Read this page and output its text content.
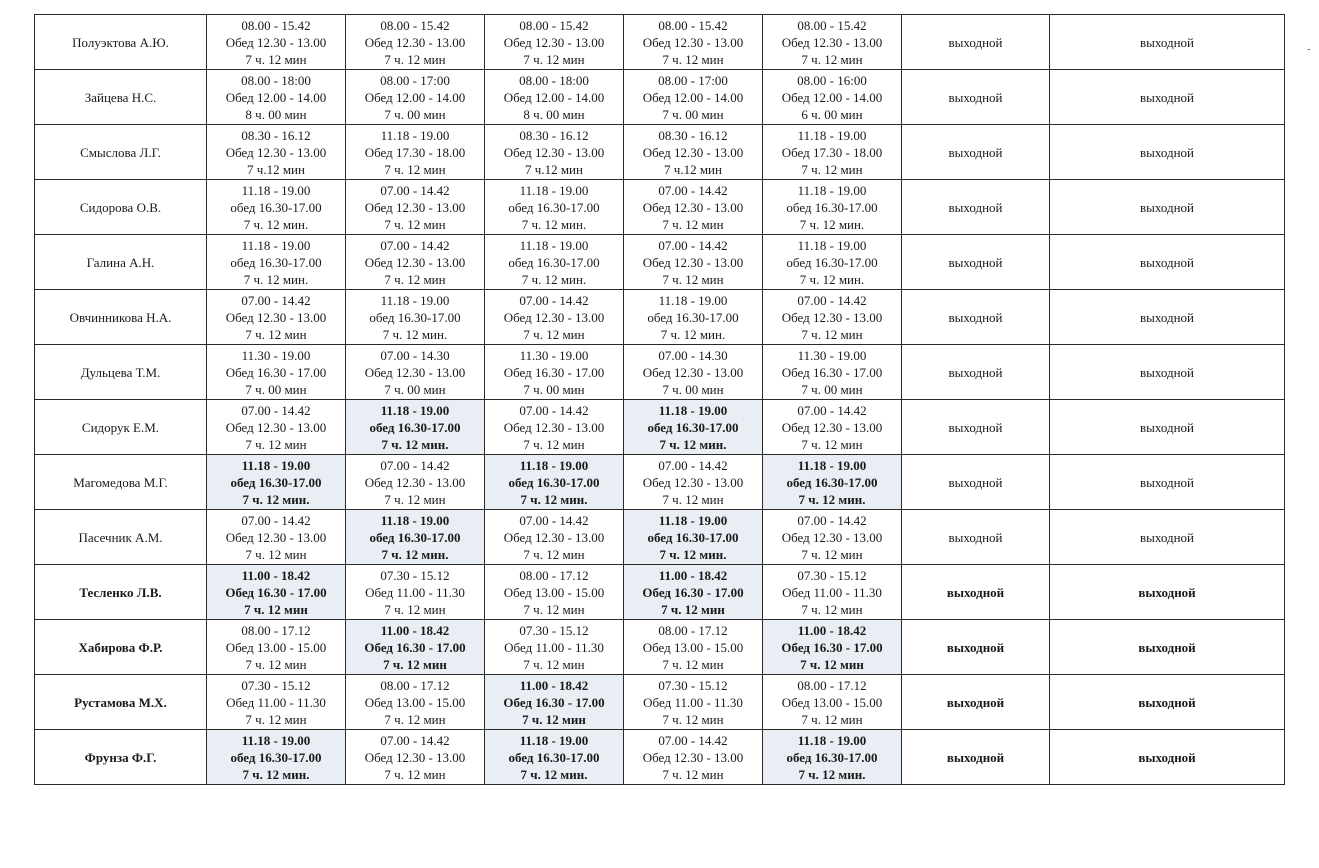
Полуэктова А.Ю.	08.00 - 15.42
Обед 12.30 - 13.00
7 ч. 12 мин	08.00 - 15.42
Обед 12.30 - 13.00
7 ч. 12 мин	08.00 - 15.42
Обед 12.30 - 13.00
7 ч. 12 мин	08.00 - 15.42
Обед 12.30 - 13.00
7 ч. 12 мин	08.00 - 15.42
Обед 12.30 - 13.00
7 ч. 12 мин	выходной	выходной
Зайцева Н.С.	08.00 - 18:00
Обед 12.00 - 14.00
8 ч. 00 мин	08.00 - 17:00
Обед 12.00 - 14.00
7 ч. 00 мин	08.00 - 18:00
Обед 12.00 - 14.00
8 ч. 00 мин	08.00 - 17:00
Обед 12.00 - 14.00
7 ч. 00 мин	08.00 - 16:00
Обед 12.00 - 14.00
6 ч. 00 мин	выходной	выходной
Смыслова Л.Г.	08.30 - 16.12
Обед 12.30 - 13.00
7 ч.12 мин	11.18 - 19.00
Обед 17.30 - 18.00
7 ч. 12 мин	08.30 - 16.12
Обед 12.30 - 13.00
7 ч.12 мин	08.30 - 16.12
Обед 12.30 - 13.00
7 ч.12 мин	11.18 - 19.00
Обед 17.30 - 18.00
7 ч. 12 мин	выходной	выходной
Сидорова О.В.	11.18 - 19.00
обед 16.30-17.00
7 ч. 12 мин.	07.00 - 14.42
Обед 12.30 - 13.00
7 ч. 12 мин	11.18 - 19.00
обед 16.30-17.00
7 ч. 12 мин.	07.00 - 14.42
Обед 12.30 - 13.00
7 ч. 12 мин	11.18 - 19.00
обед 16.30-17.00
7 ч. 12 мин.	выходной	выходной
Галина А.Н.	11.18 - 19.00
обед 16.30-17.00
7 ч. 12 мин.	07.00 - 14.42
Обед 12.30 - 13.00
7 ч. 12 мин	11.18 - 19.00
обед 16.30-17.00
7 ч. 12 мин.	07.00 - 14.42
Обед 12.30 - 13.00
7 ч. 12 мин	11.18 - 19.00
обед 16.30-17.00
7 ч. 12 мин.	выходной	выходной
Овчинникова Н.А.	07.00 - 14.42
Обед 12.30 - 13.00
7 ч. 12 мин	11.18 - 19.00
обед 16.30-17.00
7 ч. 12 мин.	07.00 - 14.42
Обед 12.30 - 13.00
7 ч. 12 мин	11.18 - 19.00
обед 16.30-17.00
7 ч. 12 мин.	07.00 - 14.42
Обед 12.30 - 13.00
7 ч. 12 мин	выходной	выходной
Дульцева Т.М.	11.30 - 19.00
Обед 16.30 - 17.00
7 ч. 00 мин	07.00 - 14.30
Обед 12.30 - 13.00
7 ч. 00 мин	11.30 - 19.00
Обед 16.30 - 17.00
7 ч. 00 мин	07.00 - 14.30
Обед 12.30 - 13.00
7 ч. 00 мин	11.30 - 19.00
Обед 16.30 - 17.00
7 ч. 00 мин	выходной	выходной
Сидорук Е.М.	07.00 - 14.42
Обед 12.30 - 13.00
7 ч. 12 мин	11.18 - 19.00
обед 16.30-17.00
7 ч. 12 мин.	07.00 - 14.42
Обед 12.30 - 13.00
7 ч. 12 мин	11.18 - 19.00
обед 16.30-17.00
7 ч. 12 мин.	07.00 - 14.42
Обед 12.30 - 13.00
7 ч. 12 мин	выходной	выходной
Магомедова М.Г.	11.18 - 19.00
обед 16.30-17.00
7 ч. 12 мин.	07.00 - 14.42
Обед 12.30 - 13.00
7 ч. 12 мин	11.18 - 19.00
обед 16.30-17.00
7 ч. 12 мин.	07.00 - 14.42
Обед 12.30 - 13.00
7 ч. 12 мин	11.18 - 19.00
обед 16.30-17.00
7 ч. 12 мин.	выходной	выходной
Пасечник А.М.	07.00 - 14.42
Обед 12.30 - 13.00
7 ч. 12 мин	11.18 - 19.00
обед 16.30-17.00
7 ч. 12 мин.	07.00 - 14.42
Обед 12.30 - 13.00
7 ч. 12 мин	11.18 - 19.00
обед 16.30-17.00
7 ч. 12 мин.	07.00 - 14.42
Обед 12.30 - 13.00
7 ч. 12 мин	выходной	выходной
Тесленко Л.В.	11.00 - 18.42
Обед 16.30 - 17.00
7 ч. 12 мин	07.30 - 15.12
Обед 11.00 - 11.30
7 ч. 12 мин	08.00 - 17.12
Обед 13.00 - 15.00
7 ч. 12 мин	11.00 - 18.42
Обед 16.30 - 17.00
7 ч. 12 мин	07.30 - 15.12
Обед 11.00 - 11.30
7 ч. 12 мин	выходной	выходной
Хабирова Ф.Р.	08.00 - 17.12
Обед 13.00 - 15.00
7 ч. 12 мин	11.00 - 18.42
Обед 16.30 - 17.00
7 ч. 12 мин	07.30 - 15.12
Обед 11.00 - 11.30
7 ч. 12 мин	08.00 - 17.12
Обед 13.00 - 15.00
7 ч. 12 мин	11.00 - 18.42
Обед 16.30 - 17.00
7 ч. 12 мин	выходной	выходной
Рустамова М.Х.	07.30 - 15.12
Обед 11.00 - 11.30
7 ч. 12 мин	08.00 - 17.12
Обед 13.00 - 15.00
7 ч. 12 мин	11.00 - 18.42
Обед 16.30 - 17.00
7 ч. 12 мин	07.30 - 15.12
Обед 11.00 - 11.30
7 ч. 12 мин	08.00 - 17.12
Обед 13.00 - 15.00
7 ч. 12 мин	выходной	выходной
Фрунза Ф.Г.	11.18 - 19.00
обед 16.30-17.00
7 ч. 12 мин.	07.00 - 14.42
Обед 12.30 - 13.00
7 ч. 12 мин	11.18 - 19.00
обед 16.30-17.00
7 ч. 12 мин.	07.00 - 14.42
Обед 12.30 - 13.00
7 ч. 12 мин	11.18 - 19.00
обед 16.30-17.00
7 ч. 12 мин.	выходной	выходной
-
